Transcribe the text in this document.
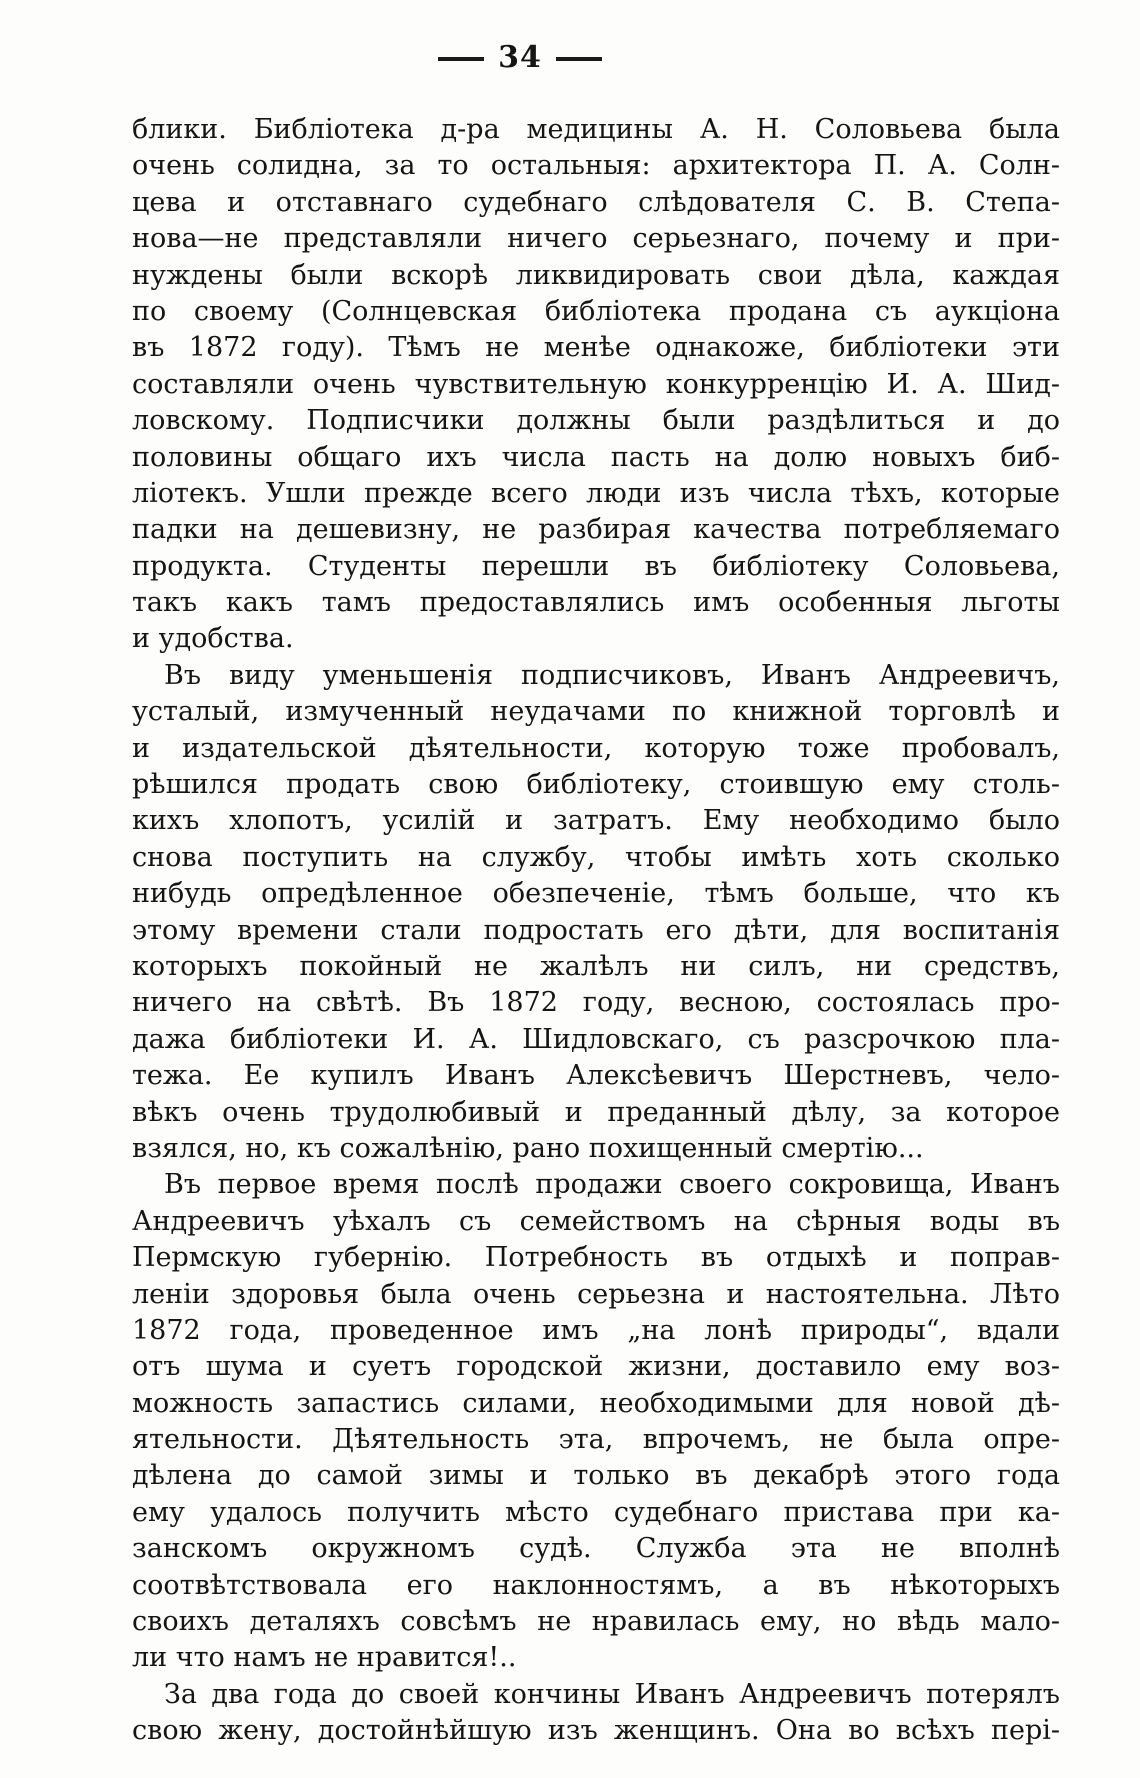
34
блики. Библіотека д-ра медицины А. Н. Соловьева была
очень солидна, за то остальныя: архитектора П. А. Солн-
цева и отставнаго судебнаго слѣдователя С. В. Степа-
нова—не представляли ничего серьезнаго, почему и при-
нуждены были вскорѣ ликвидировать свои дѣла, каждая
по своему (Солнцевская библіотека продана съ аукціона
въ 1872 году). Тѣмъ не менѣе однакоже, библіотеки эти
составляли очень чувствительную конкурренцію И. А. Шид-
ловскому. Подписчики должны были раздѣлиться и до
половины общаго ихъ числа пасть на долю новыхъ биб-
ліотекъ. Ушли прежде всего люди изъ числа тѣхъ, которые
падки на дешевизну, не разбирая качества потребляемаго
продукта. Студенты перешли въ библіотеку Соловьева,
такъ какъ тамъ предоставлялись имъ особенныя льготы
и удобства.
Въ виду уменьшенія подписчиковъ, Иванъ Андреевичъ,
усталый, измученный неудачами по книжной торговлѣ и
и издательской дѣятельности, которую тоже пробовалъ,
рѣшился продать свою библіотеку, стоившую ему столь-
кихъ хлопотъ, усилій и затратъ. Ему необходимо было
снова поступить на службу, чтобы имѣть хоть сколько
нибудь опредѣленное обезпеченіе, тѣмъ больше, что къ
этому времени стали подростать его дѣти, для воспитанія
которыхъ покойный не жалѣлъ ни силъ, ни средствъ,
ничего на свѣтѣ. Въ 1872 году, весною, состоялась про-
дажа библіотеки И. А. Шидловскаго, съ разсрочкою пла-
тежа. Ее купилъ Иванъ Алексѣевичъ Шерстневъ, чело-
вѣкъ очень трудолюбивый и преданный дѣлу, за которое
взялся, но, къ сожалѣнію, рано похищенный смертію...
Въ первое время послѣ продажи своего сокровища, Иванъ
Андреевичъ уѣхалъ съ семействомъ на сѣрныя воды въ
Пермскую губернію. Потребность въ отдыхѣ и поправ-
леніи здоровья была очень серьезна и настоятельна. Лѣто
1872 года, проведенное имъ „на лонѣ природы“, вдали
отъ шума и суетъ городской жизни, доставило ему воз-
можность запастись силами, необходимыми для новой дѣ-
ятельности. Дѣятельность эта, впрочемъ, не была опре-
дѣлена до самой зимы и только въ декабрѣ этого года
ему удалось получить мѣсто судебнаго пристава при ка-
занскомъ окружномъ судѣ. Служба эта не вполнѣ
соотвѣтствовала его наклонностямъ, а въ нѣкоторыхъ
своихъ деталяхъ совсѣмъ не нравилась ему, но вѣдь мало-
ли что намъ не нравится!..
За два года до своей кончины Иванъ Андреевичъ потерялъ
свою жену, достойнѣйшую изъ женщинъ. Она во всѣхъ пері-
